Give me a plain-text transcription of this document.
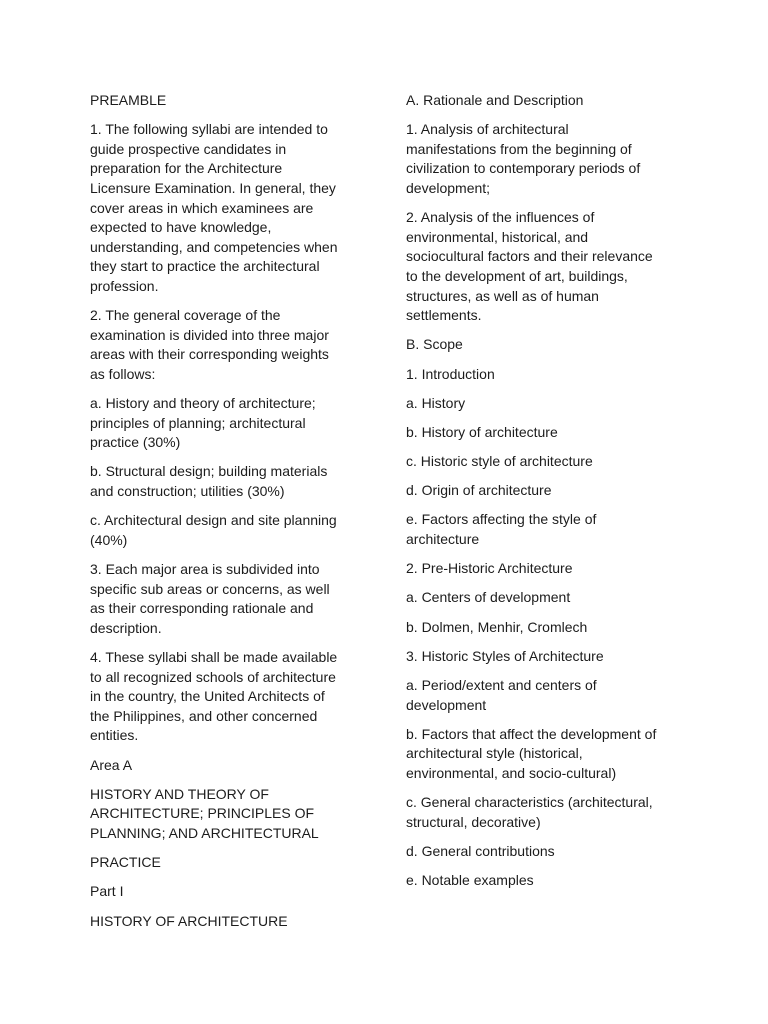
PREAMBLE

1. The following syllabi are intended to
guide prospective candidates in
preparation for the Architecture
Licensure Examination. In general, they
cover areas in which examinees are
expected to have knowledge,
understanding, and competencies when
they start to practice the architectural
profession.

2. The general coverage of the
examination is divided into three major
areas with their corresponding weights
as follows:

a. History and theory of architecture;
principles of planning; architectural
practice (30%)

b. Structural design; building materials
and construction; utilities (30%)

c. Architectural design and site planning
(40%)

3. Each major area is subdivided into
specific sub areas or concerns, as well
as their corresponding rationale and
description.

4. These syllabi shall be made available
to all recognized schools of architecture
in the country, the United Architects of
the Philippines, and other concerned
entities.

Area A

HISTORY AND THEORY OF
ARCHITECTURE; PRINCIPLES OF
PLANNING; AND ARCHITECTURAL

PRACTICE

Part I

HISTORY OF ARCHITECTURE

A. Rationale and Description

1. Analysis of architectural
manifestations from the beginning of
civilization to contemporary periods of
development;

2. Analysis of the influences of
environmental, historical, and
sociocultural factors and their relevance
to the development of art, buildings,
structures, as well as of human
settlements.

B. Scope

1. Introduction

a. History

b. History of architecture

c. Historic style of architecture

d. Origin of architecture

e. Factors affecting the style of
architecture

2. Pre-Historic Architecture

a. Centers of development

b. Dolmen, Menhir, Cromlech

3. Historic Styles of Architecture

a. Period/extent and centers of
development

b. Factors that affect the development of
architectural style (historical,
environmental, and socio-cultural)

c. General characteristics (architectural,
structural, decorative)

d. General contributions

e. Notable examples
